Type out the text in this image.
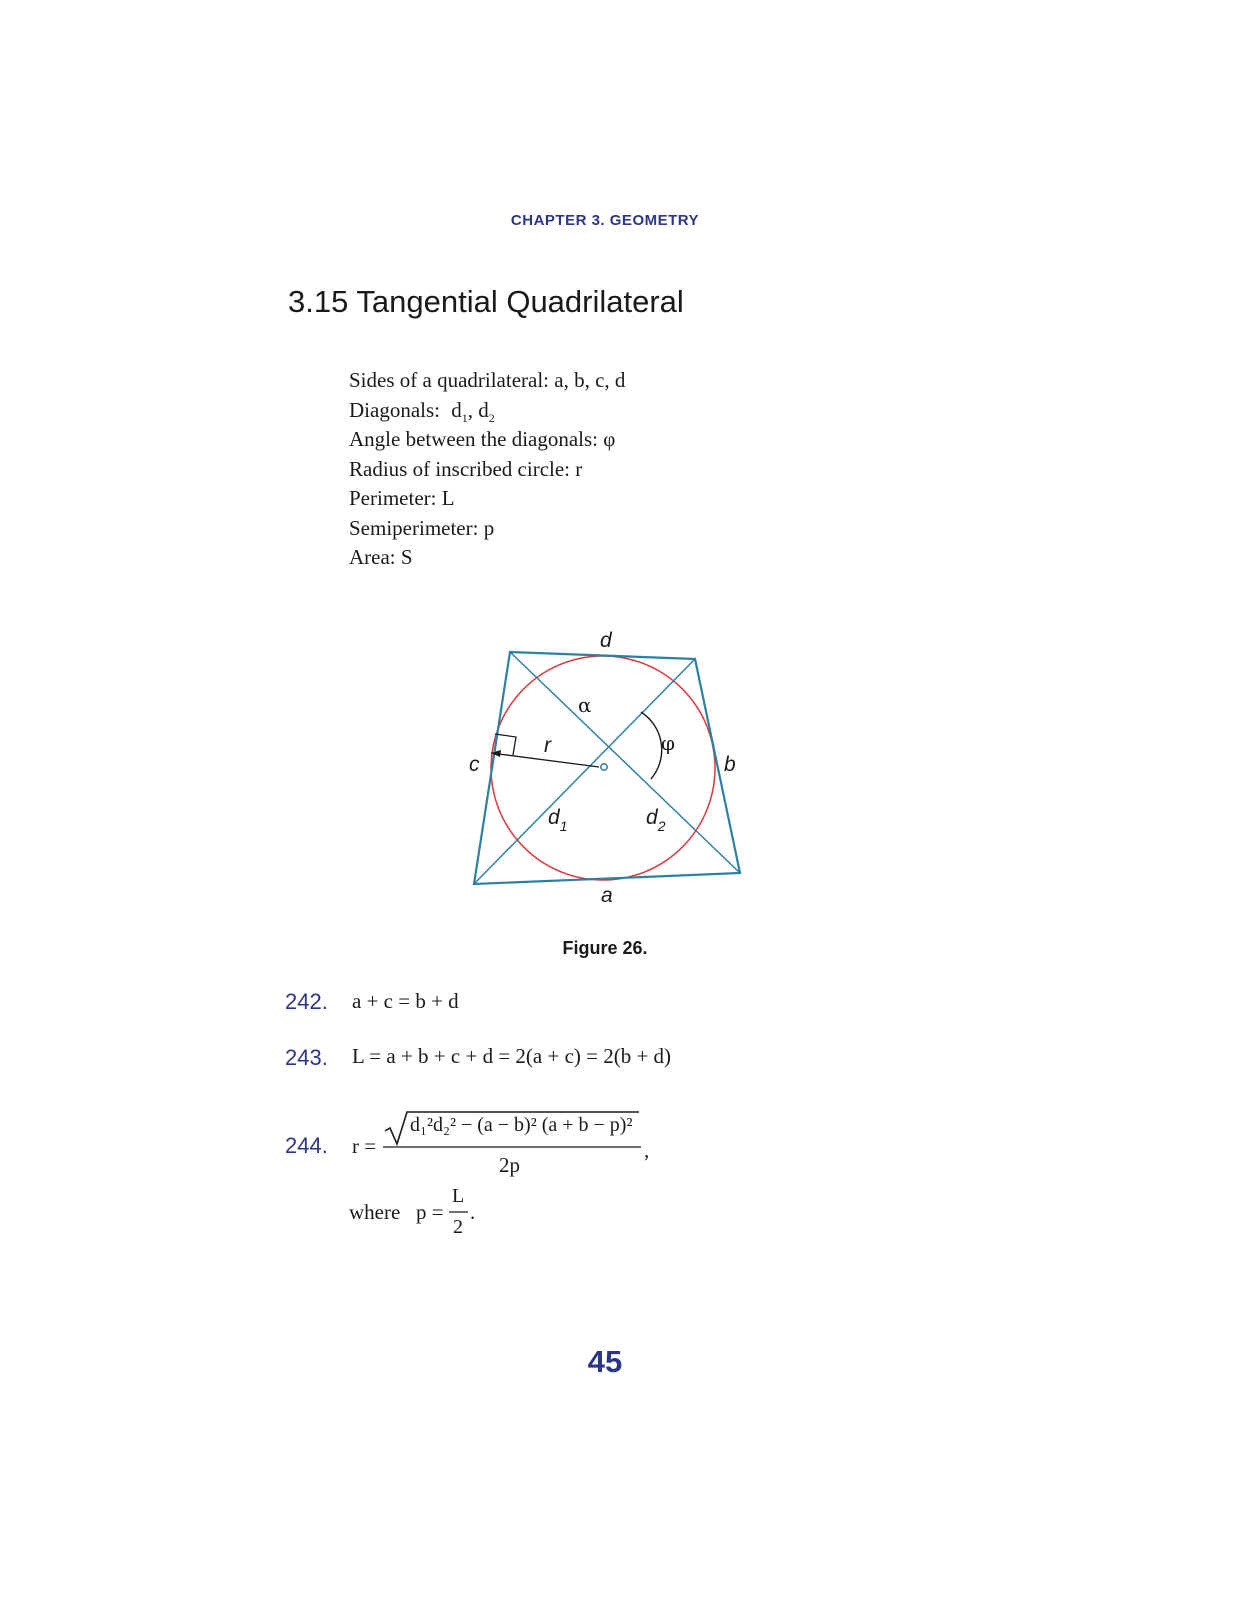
CHAPTER 3. GEOMETRY
3.15 Tangential Quadrilateral
Sides of a quadrilateral: a, b, c, d
Diagonals: $d_1$, $d_2$
Angle between the diagonals: φ
Radius of inscribed circle: r
Perimeter: L
Semiperimeter: p
Area: S
d
b
c
a
r
α
φ
$d_1$	$d_2$
Figure 26.
242. a + c = b + d
243. L = a + b + c + d = 2(a + c) = 2(b + d)
244. r =
d₁²d₂² − (a − b)² (a + b − p)²
2p
,
where p =
L
2
.
45
